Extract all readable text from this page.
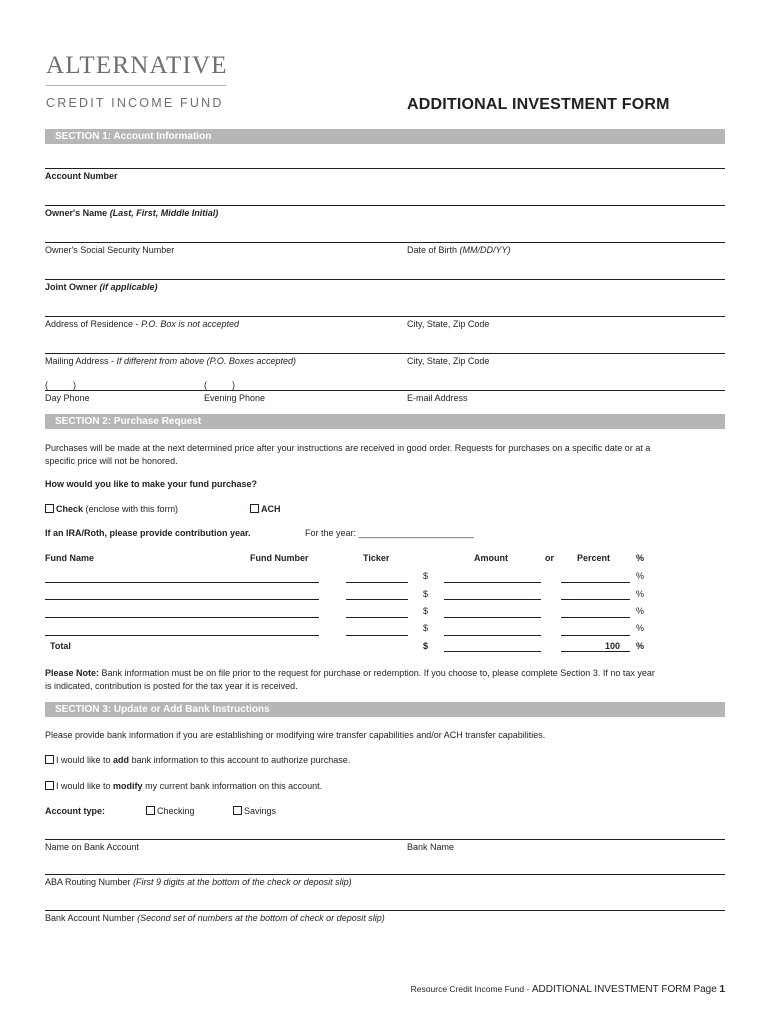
ALTERNATIVE
CREDIT INCOME FUND	ADDITIONAL INVESTMENT FORM
SECTION 1: Account Information
Account Number
Owner's Name (Last, First, Middle Initial)
Owner's Social Security Number	Date of Birth (MM/DD/YY)
Joint Owner (if applicable)
Address of Residence - P.O. Box is not accepted	City, State, Zip Code
Mailing Address - If different from above (P.O. Boxes accepted)	City, State, Zip Code
(          )	(          )
Day Phone	Evening Phone	E-mail Address
SECTION 2: Purchase Request
Purchases will be made at the next determined price after your instructions are received in good order. Requests for purchases on a specific date or at a
specific price will not be honored.
How would you like to make your fund purchase?
Check (enclose with this form)	ACH
If an IRA/Roth, please provide contribution year.	For the year: _______________________
Fund Name	Fund Number	Ticker	Amount	or	Percent	%
$	%
$	%
$	%
$	%
Total	$	100 %
Please Note: Bank information must be on file prior to the request for purchase or redemption. If you choose to, please complete Section 3. If no tax year
is indicated, contribution is posted for the tax year it is received.
SECTION 3: Update or Add Bank Instructions
Please provide bank information if you are establishing or modifying wire transfer capabilities and/or ACH transfer capabilities.
I would like to add bank information to this account to authorize purchase.
I would like to modify my current bank information on this account.
Account type:	Checking	Savings
Name on Bank Account	Bank Name
ABA Routing Number (First 9 digits at the bottom of the check or deposit slip)
Bank Account Number (Second set of numbers at the bottom of check or deposit slip)
Resource Credit Income Fund - ADDITIONAL INVESTMENT FORM Page 1
